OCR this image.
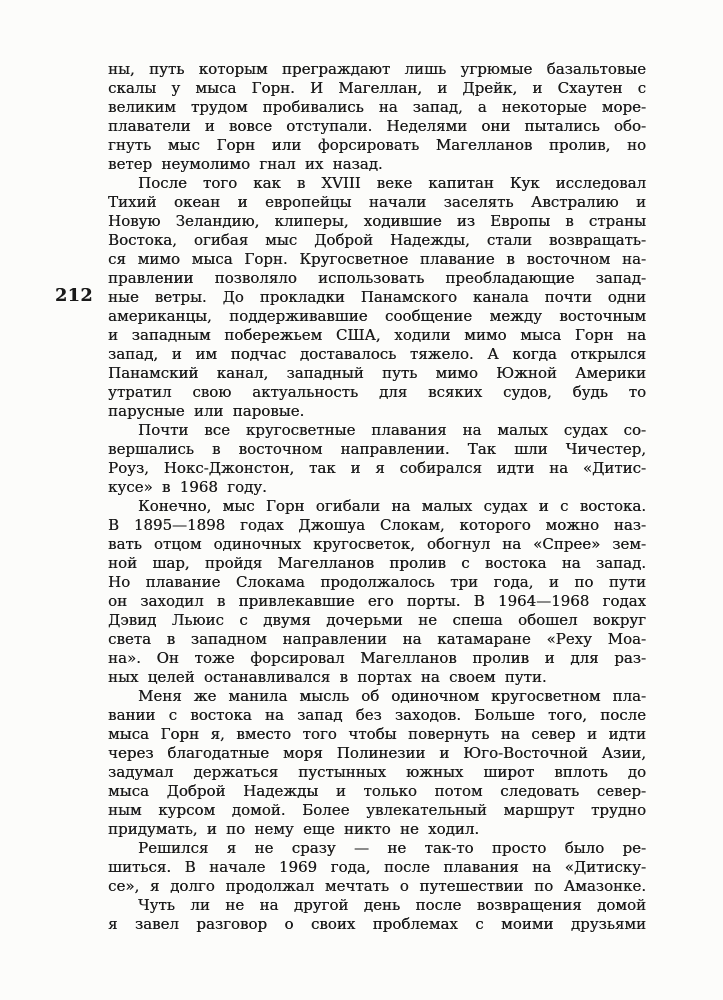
212
ны, путь которым преграждают лишь угрюмые базальтовые
скалы у мыса Горн. И Магеллан, и Дрейк, и Схаутен с
великим трудом пробивались на запад, а некоторые море-
плаватели и вовсе отступали. Неделями они пытались обо-
гнуть мыс Горн или форсировать Магелланов пролив, но
ветер неумолимо гнал их назад.
После того как в XVIII веке капитан Кук исследовал
Тихий океан и европейцы начали заселять Австралию и
Новую Зеландию, клиперы, ходившие из Европы в страны
Востока, огибая мыс Доброй Надежды, стали возвращать-
ся мимо мыса Горн. Кругосветное плавание в восточном на-
правлении позволяло использовать преобладающие запад-
ные ветры. До прокладки Панамского канала почти одни
американцы, поддерживавшие сообщение между восточным
и западным побережьем США, ходили мимо мыса Горн на
запад, и им подчас доставалось тяжело. А когда открылся
Панамский канал, западный путь мимо Южной Америки
утратил свою актуальность для всяких судов, будь то
парусные или паровые.
Почти все кругосветные плавания на малых судах со-
вершались в восточном направлении. Так шли Чичестер,
Роуз, Нокс-Джонстон, так и я собирался идти на «Дитис-
кусе» в 1968 году.
Конечно, мыс Горн огибали на малых судах и с востока.
В 1895—1898 годах Джошуа Слокам, которого можно наз-
вать отцом одиночных кругосветок, обогнул на «Спрее» зем-
ной шар, пройдя Магелланов пролив с востока на запад.
Но плавание Слокама продолжалось три года, и по пути
он заходил в привлекавшие его порты. В 1964—1968 годах
Дэвид Льюис с двумя дочерьми не спеша обошел вокруг
света в западном направлении на катамаране «Реху Моа-
на». Он тоже форсировал Магелланов пролив и для раз-
ных целей останавливался в портах на своем пути.
Меня же манила мысль об одиночном кругосветном пла-
вании с востока на запад без заходов. Больше того, после
мыса Горн я, вместо того чтобы повернуть на север и идти
через благодатные моря Полинезии и Юго-Восточной Азии,
задумал держаться пустынных южных широт вплоть до
мыса Доброй Надежды и только потом следовать север-
ным курсом домой. Более увлекательный маршрут трудно
придумать, и по нему еще никто не ходил.
Решился я не сразу — не так-то просто было ре-
шиться. В начале 1969 года, после плавания на «Дитиску-
се», я долго продолжал мечтать о путешествии по Амазонке.
Чуть ли не на другой день после возвращения домой
я завел разговор о своих проблемах с моими друзьями
